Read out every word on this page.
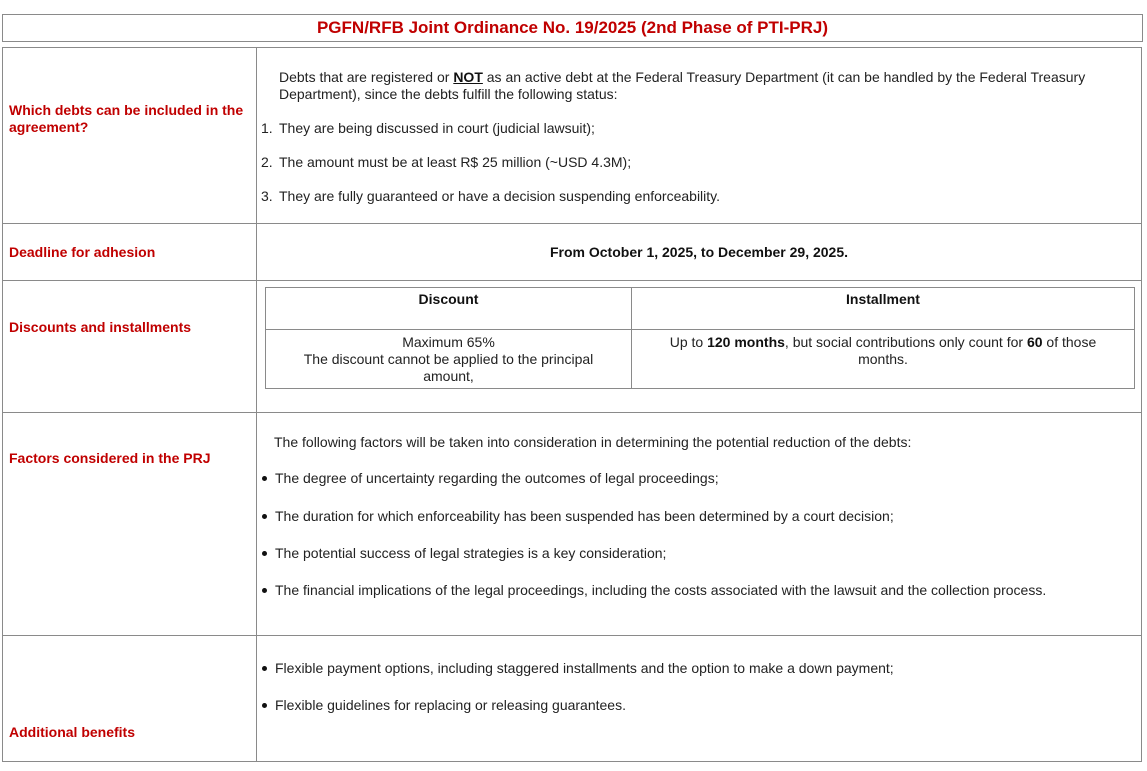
PGFN/RFB Joint Ordinance No. 19/2025 (2nd Phase of PTI-PRJ)
Which debts can be included in the agreement?

Debts that are registered or NOT as an active debt at the Federal Treasury Department (it can be handled by the Federal Treasury Department), since the debts fulfill the following status:
1. They are being discussed in court (judicial lawsuit);
2. The amount must be at least R$ 25 million (~USD 4.3M);
3. They are fully guaranteed or have a decision suspending enforceability.

Deadline for adhesion	From October 1, 2025, to December 29, 2025.

Discounts and installments

Discount	Installment

Maximum 65%
The discount cannot be applied to the principal amount,
	Up to 120 months, but social contributions only count for 60 of those months.

Factors considered in the PRJ

The following factors will be taken into consideration in determining the potential reduction of the debts:
The degree of uncertainty regarding the outcomes of legal proceedings;
The duration for which enforceability has been suspended has been determined by a court decision;
The potential success of legal strategies is a key consideration;
The financial implications of the legal proceedings, including the costs associated with the lawsuit and the collection process.

Additional benefits

Flexible payment options, including staggered installments and the option to make a down payment;
Flexible guidelines for replacing or releasing guarantees.
